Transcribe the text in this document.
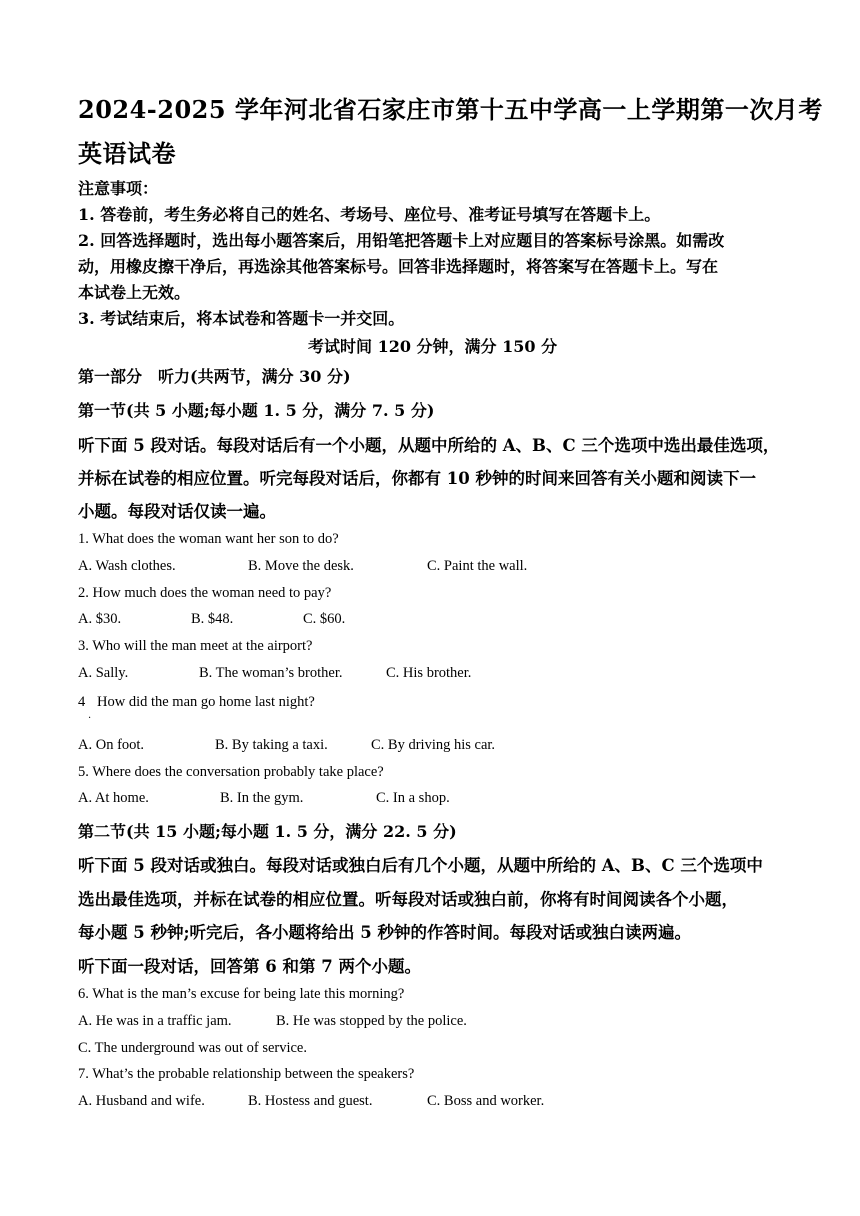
2024-2025 学年河北省石家庄市第十五中学高一上学期第一次月考
英语试卷
注意事项：
1. 答卷前，考生务必将自己的姓名、考场号、座位号、准考证号填写在答题卡上。
2. 回答选择题时，选出每小题答案后，用铅笔把答题卡上对应题目的答案标号涂黑。如需改
动，用橡皮擦干净后，再选涂其他答案标号。回答非选择题时，将答案写在答题卡上。写在
本试卷上无效。
3. 考试结束后，将本试卷和答题卡一并交回。
考试时间 120 分钟，满分 150 分
第一部分　听力(共两节，满分 30 分)
第一节(共 5 小题;每小题 1. 5 分，满分 7. 5 分)
听下面 5 段对话。每段对话后有一个小题，从题中所给的 A、B、C 三个选项中选出最佳选项，
并标在试卷的相应位置。听完每段对话后，你都有 10 秒钟的时间来回答有关小题和阅读下一
小题。每段对话仅读一遍。
1. What does the woman want her son to do?
A. Wash clothes.	B. Move the desk.	C. Paint the wall.
2. How much does the woman need to pay?
A. $30.	B. $48.	C. $60.
3. Who will the man meet at the airport?
A. Sally.	B. The woman’s brother.	C. His brother.
4
.
How did the man go home last night?
A. On foot.	B. By taking a taxi.	C. By driving his car.
5. Where does the conversation probably take place?
A. At home.	B. In the gym.	C. In a shop.
第二节(共 15 小题;每小题 1. 5 分，满分 22. 5 分)
听下面 5 段对话或独白。每段对话或独白后有几个小题，从题中所给的 A、B、C 三个选项中
选出最佳选项，并标在试卷的相应位置。听每段对话或独白前，你将有时间阅读各个小题，
每小题 5 秒钟;听完后，各小题将给出 5 秒钟的作答时间。每段对话或独白读两遍。
听下面一段对话，回答第 6 和第 7 两个小题。
6. What is the man’s excuse for being late this morning?
A. He was in a traffic jam.	B. He was stopped by the police.
C. The underground was out of service.
7. What’s the probable relationship between the speakers?
A. Husband and wife.	B. Hostess and guest.	C. Boss and worker.
